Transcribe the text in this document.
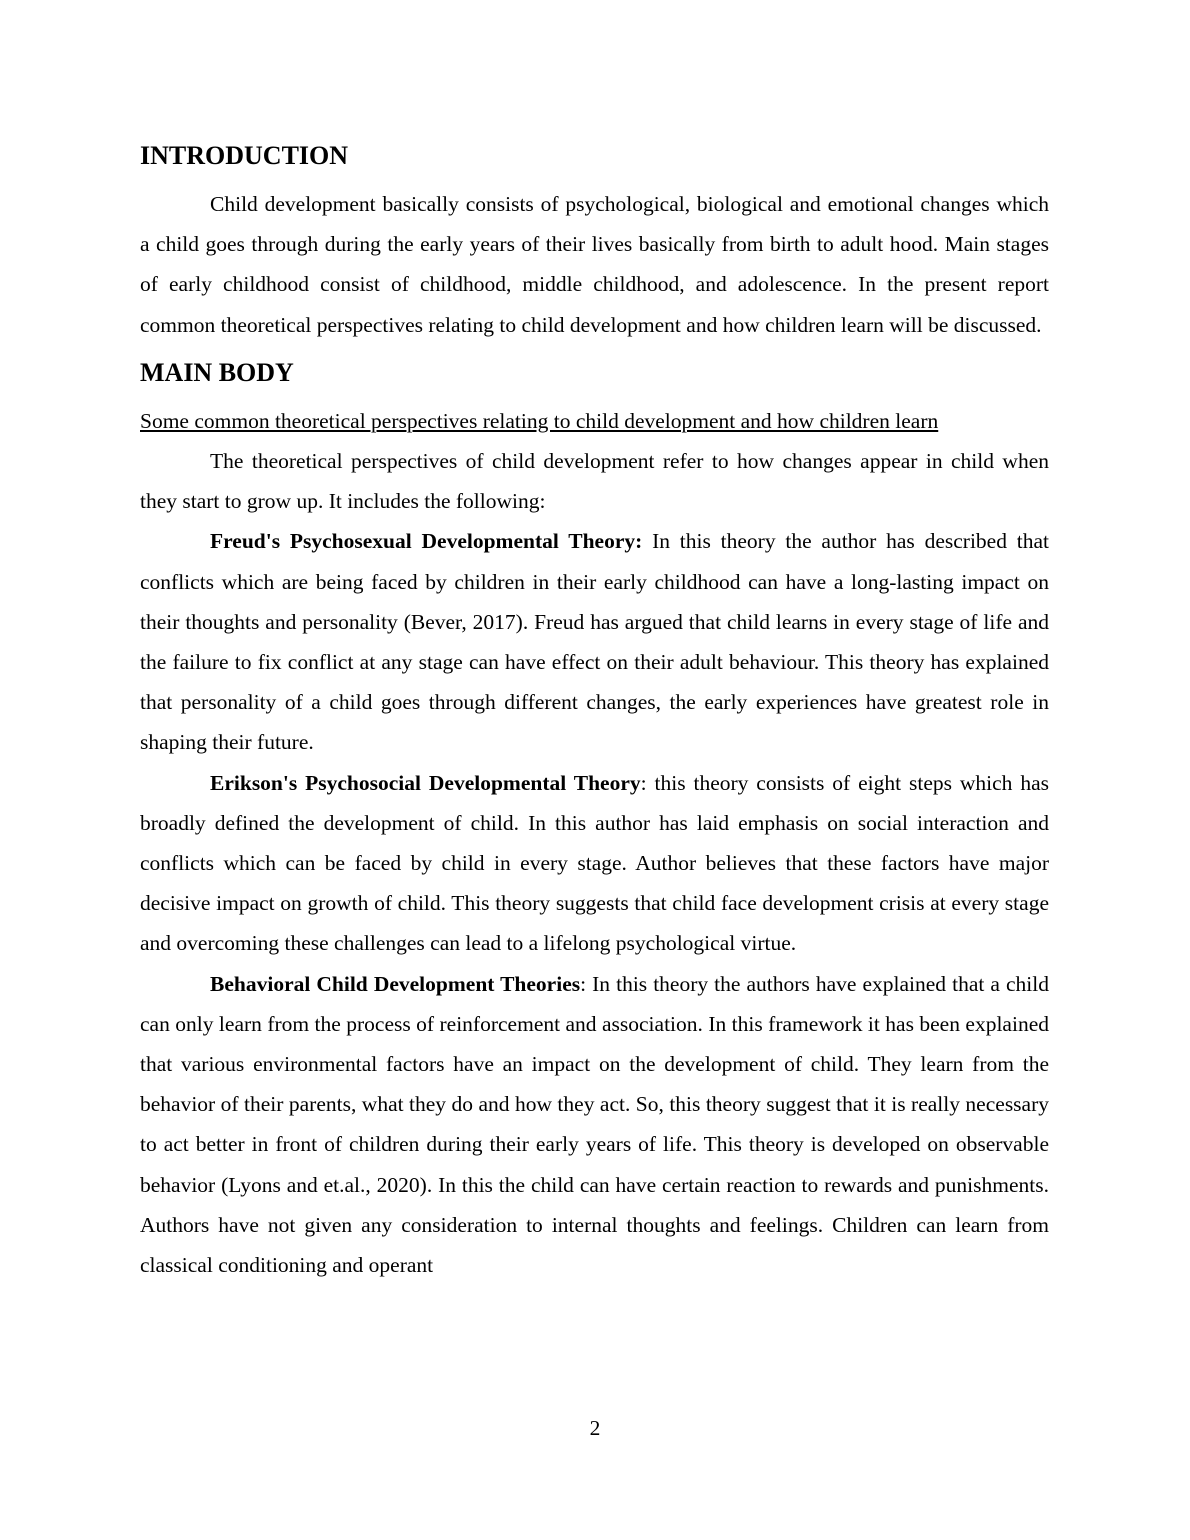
INTRODUCTION

Child development basically consists of psychological, biological and emotional changes which a child goes through during the early years of their lives basically from birth to adult hood. Main stages of early childhood consist of childhood, middle childhood, and adolescence. In the present report common theoretical perspectives relating to child development and how children learn will be discussed.

MAIN BODY

Some common theoretical perspectives relating to child development and how children learn

The theoretical perspectives of child development refer to how changes appear in child when they start to grow up. It includes the following:

Freud's Psychosexual Developmental Theory: In this theory the author has described that conflicts which are being faced by children in their early childhood can have a long-lasting impact on their thoughts and personality (Bever, 2017). Freud has argued that child learns in every stage of life and the failure to fix conflict at any stage can have effect on their adult behaviour. This theory has explained that personality of a child goes through different changes, the early experiences have greatest role in shaping their future.

Erikson's Psychosocial Developmental Theory: this theory consists of eight steps which has broadly defined the development of child. In this author has laid emphasis on social interaction and conflicts which can be faced by child in every stage. Author believes that these factors have major decisive impact on growth of child. This theory suggests that child face development crisis at every stage and overcoming these challenges can lead to a lifelong psychological virtue.

Behavioral Child Development Theories: In this theory the authors have explained that a child can only learn from the process of reinforcement and association. In this framework it has been explained that various environmental factors have an impact on the development of child. They learn from the behavior of their parents, what they do and how they act. So, this theory suggest that it is really necessary to act better in front of children during their early years of life. This theory is developed on observable behavior (Lyons and et.al., 2020). In this the child can have certain reaction to rewards and punishments. Authors have not given any consideration to internal thoughts and feelings. Children can learn from classical conditioning and operant

2
